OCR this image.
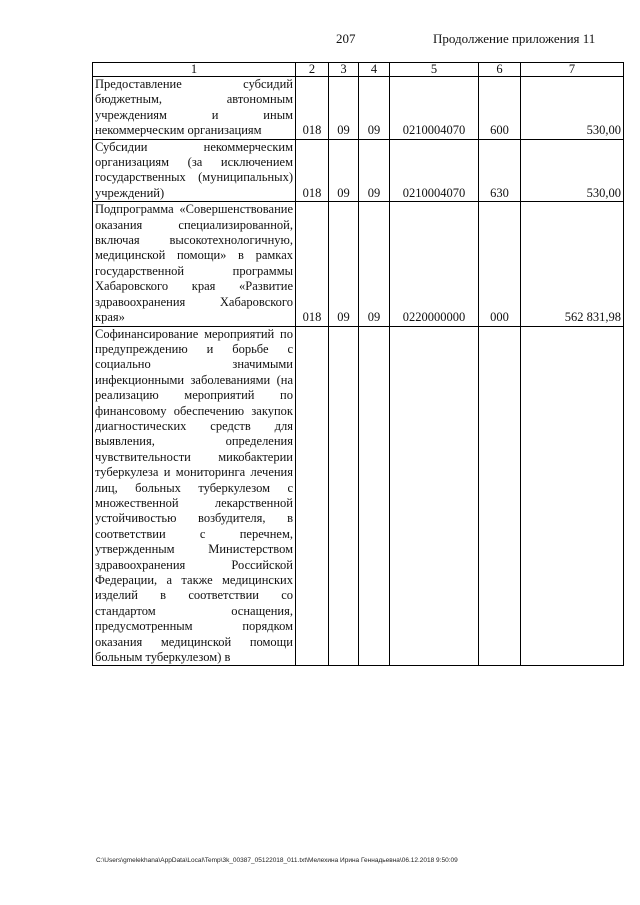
207	Продолжение приложения 11
1	2	3	4	5	6	7

Предоставление субсидий бюджетным, автономным учреждениям и иным некоммерческим организациям	018	09	09	0210004070	600	530,00

Субсидии некоммерческим организациям (за исключением государственных (муниципальных) учреждений)	018	09	09	0210004070	630	530,00

Подпрограмма «Совершенствование оказания специализированной, включая высокотехнологичную, медицинской помощи» в рамках государственной программы Хабаровского края «Развитие здравоохранения Хабаровского края»	018	09	09	0220000000	000	562 831,98

Софинансирование мероприятий по предупреждению и борьбе с социально значимыми инфекционными заболеваниями (на реализацию мероприятий по финансовому обеспечению закупок диагностических средств для выявления, определения чувствительности микобактерии туберкулеза и мониторинга лечения лиц, больных туберкулезом с множественной лекарственной устойчивостью возбудителя, в соответствии с перечнем, утвержденным Министерством здравоохранения Российской Федерации, а также медицинских изделий в соответствии со стандартом оснащения, предусмотренным порядком оказания медицинской помощи больным туберкулезом) в						

C:\Users\gmelekhana\AppData\Local\Temp\3k_00387_05122018_011.txt\Мелехина Ирина Геннадьевна\06.12.2018 9:50:09
